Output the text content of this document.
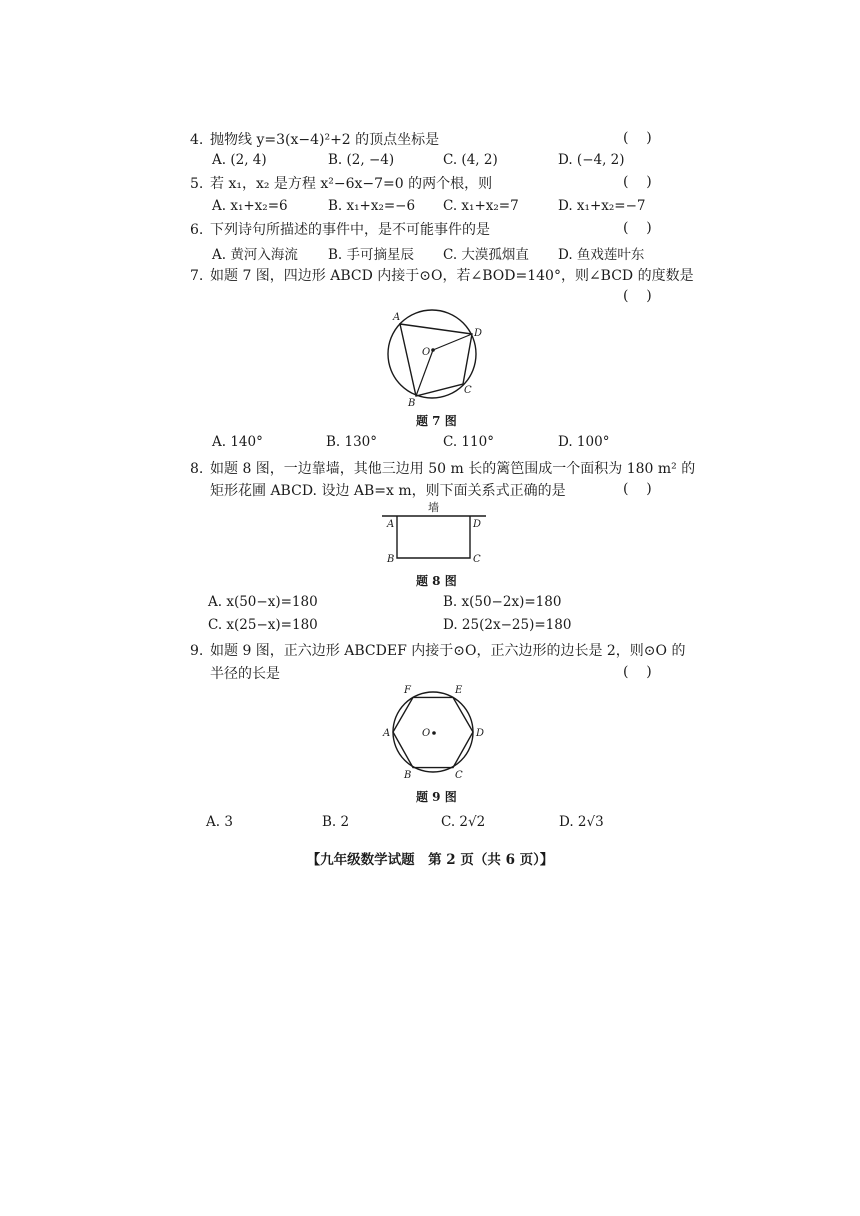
4. 抛物线 y=3(x−4)²+2 的顶点坐标是	(    )
A. (2, 4)	B. (2, −4)	C. (4, 2)	D. (−4, 2)
5. 若 x₁，x₂ 是方程 x²−6x−7=0 的两个根，则	(    )
A. x₁+x₂=6	B. x₁+x₂=−6 C. x₁+x₂=7	D. x₁+x₂=−7
6. 下列诗句所描述的事件中，是不可能事件的是	(    )
A. 黄河入海流 B. 手可摘星辰 C. 大漠孤烟直 D. 鱼戏莲叶东
7. 如题 7 图，四边形 ABCD 内接于⊙O，若∠BOD=140°，则∠BCD 的度数是
(    )
A
D
O
C
B
题 7 图
A. 140°	B. 130°	C. 110°	D. 100°
8. 如题 8 图，一边靠墙，其他三边用 50 m 长的篱笆围成一个面积为 180 m² 的
矩形花圃 ABCD. 设边 AB=x m，则下面关系式正确的是	(    )
墙
A	D
B	C
题 8 图
A. x(50−x)=180	B. x(50−2x)=180
C. x(25−x)=180	D. 25(2x−25)=180
9. 如题 9 图，正六边形 ABCDEF 内接于⊙O，正六边形的边长是 2，则⊙O 的
半径的长是	(    )
F	E
A	O	D
B	C
题 9 图
A. 3	B. 2	C. 2√2	D. 2√3
【九年级数学试题　第 2 页（共 6 页）】
